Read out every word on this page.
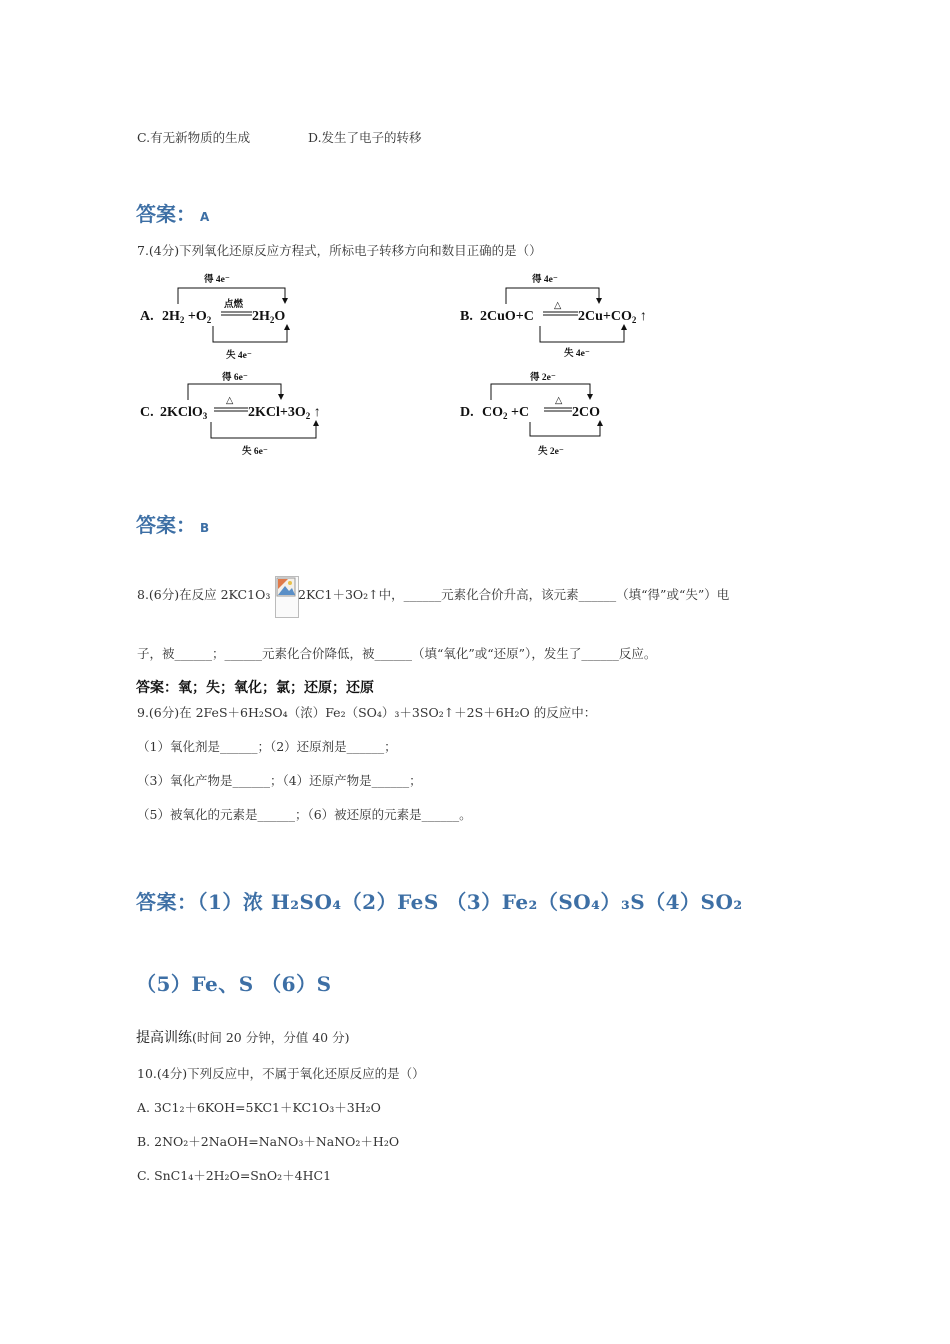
C.有无新物质的生成	D.发生了电子的转移
答案： A
7.(4分)下列氧化还原反应方程式，所标电子转移方向和数目正确的是（）
得 4e⁻
失 4e⁻
点燃
A. $2H_2 +O_2$	$2H_2O$
得 4e⁻
失 4e⁻
△
B. 2CuO+C	$2Cu+CO_2$ ↑
得 6e⁻
失 6e⁻
△
C. 2KClO$_3$	$2KCl+3O_2$ ↑
得 2e⁻
失 2e⁻
△
D. $CO_2 +C$	2CO
答案： B
8.(6分)在反应 2KC1O₃ 2KC1＋3O₂↑中，______元素化合价升高，该元素______（填“得”或“失”）电
子，被______；______元素化合价降低，被______（填“氧化”或“还原”），发生了______反应。
答案：氧；失；氧化；氯；还原；还原
9.(6分)在 2FeS＋6H₂SO₄（浓）Fe₂（SO₄）₃＋3SO₂↑＋2S＋6H₂O 的反应中：
（1）氧化剂是______；（2）还原剂是______；
（3）氧化产物是______；（4）还原产物是______；
（5）被氧化的元素是______；（6）被还原的元素是______。
答案：（1）浓 H₂SO₄（2）FeS （3）Fe₂（SO₄）₃S（4）SO₂
（5）Fe、S （6）S
提高训练(时间 20 分钟，分值 40 分)
10.(4分)下列反应中，不属于氧化还原反应的是（）
A. 3C1₂＋6KOH=5KC1＋KC1O₃＋3H₂O
B. 2NO₂＋2NaOH=NaNO₃＋NaNO₂＋H₂O
C. SnC1₄＋2H₂O=SnO₂＋4HC1
